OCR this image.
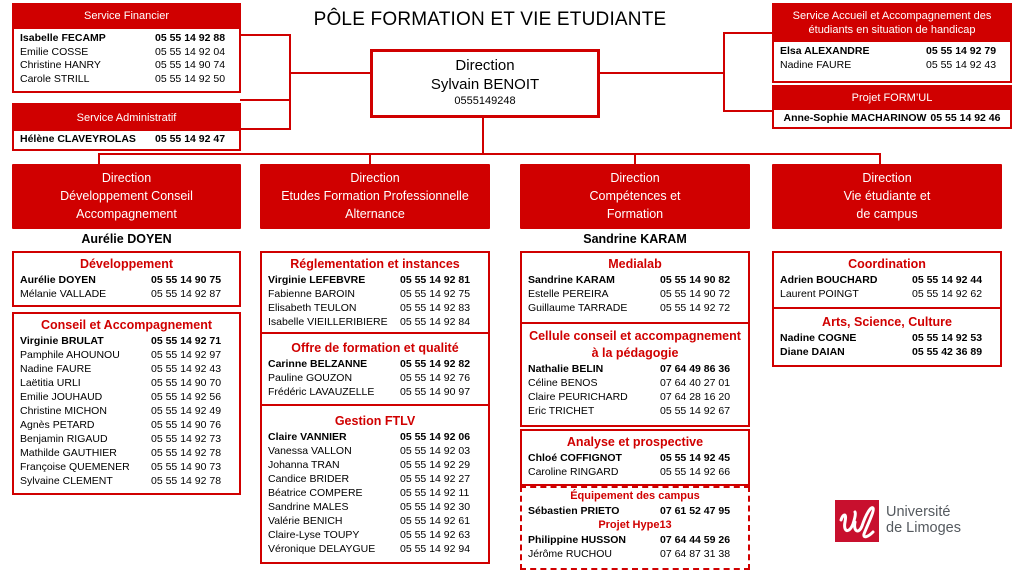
PÔLE FORMATION ET VIE ETUDIANTE
Direction
Sylvain BENOIT
0555149248
Service Financier
Isabelle FECAMP	05 55 14 92 88
Emilie COSSE	05 55 14 92 04
Christine HANRY	05 55 14 90 74
Carole STRILL	05 55 14 92 50
Service Administratif
Hélène CLAVEYROLAS 05 55 14 92 47
Service Accueil et Accompagnement des étudiants en situation de handicap
Elsa ALEXANDRE	05 55 14 92 79
Nadine FAURE	05 55 14 92 43
Projet FORM’UL
Anne-Sophie MACHARINOW 05 55 14 92 46
Direction
Développement Conseil
Accompagnement
Direction
Etudes Formation Professionnelle
Alternance
Direction
Compétences et
Formation
Direction
Vie étudiante et
de campus
Aurélie DOYEN	Sandrine KARAM
Développement
Aurélie DOYEN	05 55 14 90 75
Mélanie VALLADE	05 55 14 92 87
Conseil et Accompagnement
Virginie BRULAT	05 55 14 92 71
Pamphile AHOUNOU	05 55 14 92 97
Nadine FAURE	05 55 14 92 43
Laëtitia URLI	05 55 14 90 70
Emilie JOUHAUD	05 55 14 92 56
Christine MICHON	05 55 14 92 49
Agnès PETARD	05 55 14 90 76
Benjamin RIGAUD	05 55 14 92 73
Mathilde GAUTHIER	05 55 14 92 78
Françoise QUEMENER 05 55 14 90 73
Sylvaine CLEMENT	05 55 14 92 78
Réglementation et instances
Virginie LEFEBVRE	05 55 14 92 81
Fabienne BAROIN	05 55 14 92 75
Elisabeth TEULON	05 55 14 92 83
Isabelle VIEILLERIBIERE 05 55 14 92 84
Offre de formation et qualité
Carinne BELZANNE	05 55 14 92 82
Pauline GOUZON	05 55 14 92 76
Frédéric LAVAUZELLE 05 55 14 90 97
Gestion FTLV
Claire VANNIER	05 55 14 92 06
Vanessa VALLON	05 55 14 92 03
Johanna TRAN	05 55 14 92 29
Candice BRIDER	05 55 14 92 27
Béatrice COMPERE	05 55 14 92 11
Sandrine MALES	05 55 14 92 30
Valérie BENICH	05 55 14 92 61
Claire-Lyse TOUPY	05 55 14 92 63
Véronique DELAYGUE 05 55 14 92 94
Medialab
Sandrine KARAM	05 55 14 90 82
Estelle PEREIRA	05 55 14 90 72
Guillaume TARRADE	05 55 14 92 72
Cellule conseil et accompagnement à la pédagogie
Nathalie BELIN	07 64 49 86 36
Céline BENOS	07 64 40 27 01
Claire PEURICHARD	07 64 28 16 20
Eric TRICHET	05 55 14 92 67
Analyse et prospective
Chloé COFFIGNOT	05 55 14 92 45
Caroline RINGARD	05 55 14 92 66
Équipement des campus
Sébastien PRIETO	07 61 52 47 95
Projet Hype13
Philippine HUSSON	07 64 44 59 26
Jérôme RUCHOU	07 64 87 31 38
Coordination
Adrien BOUCHARD	05 55 14 92 44
Laurent POINGT	05 55 14 92 62
Arts, Science, Culture
Nadine COGNE	05 55 14 92 53
Diane DAIAN	05 55 42 36 89
Université
de Limoges
